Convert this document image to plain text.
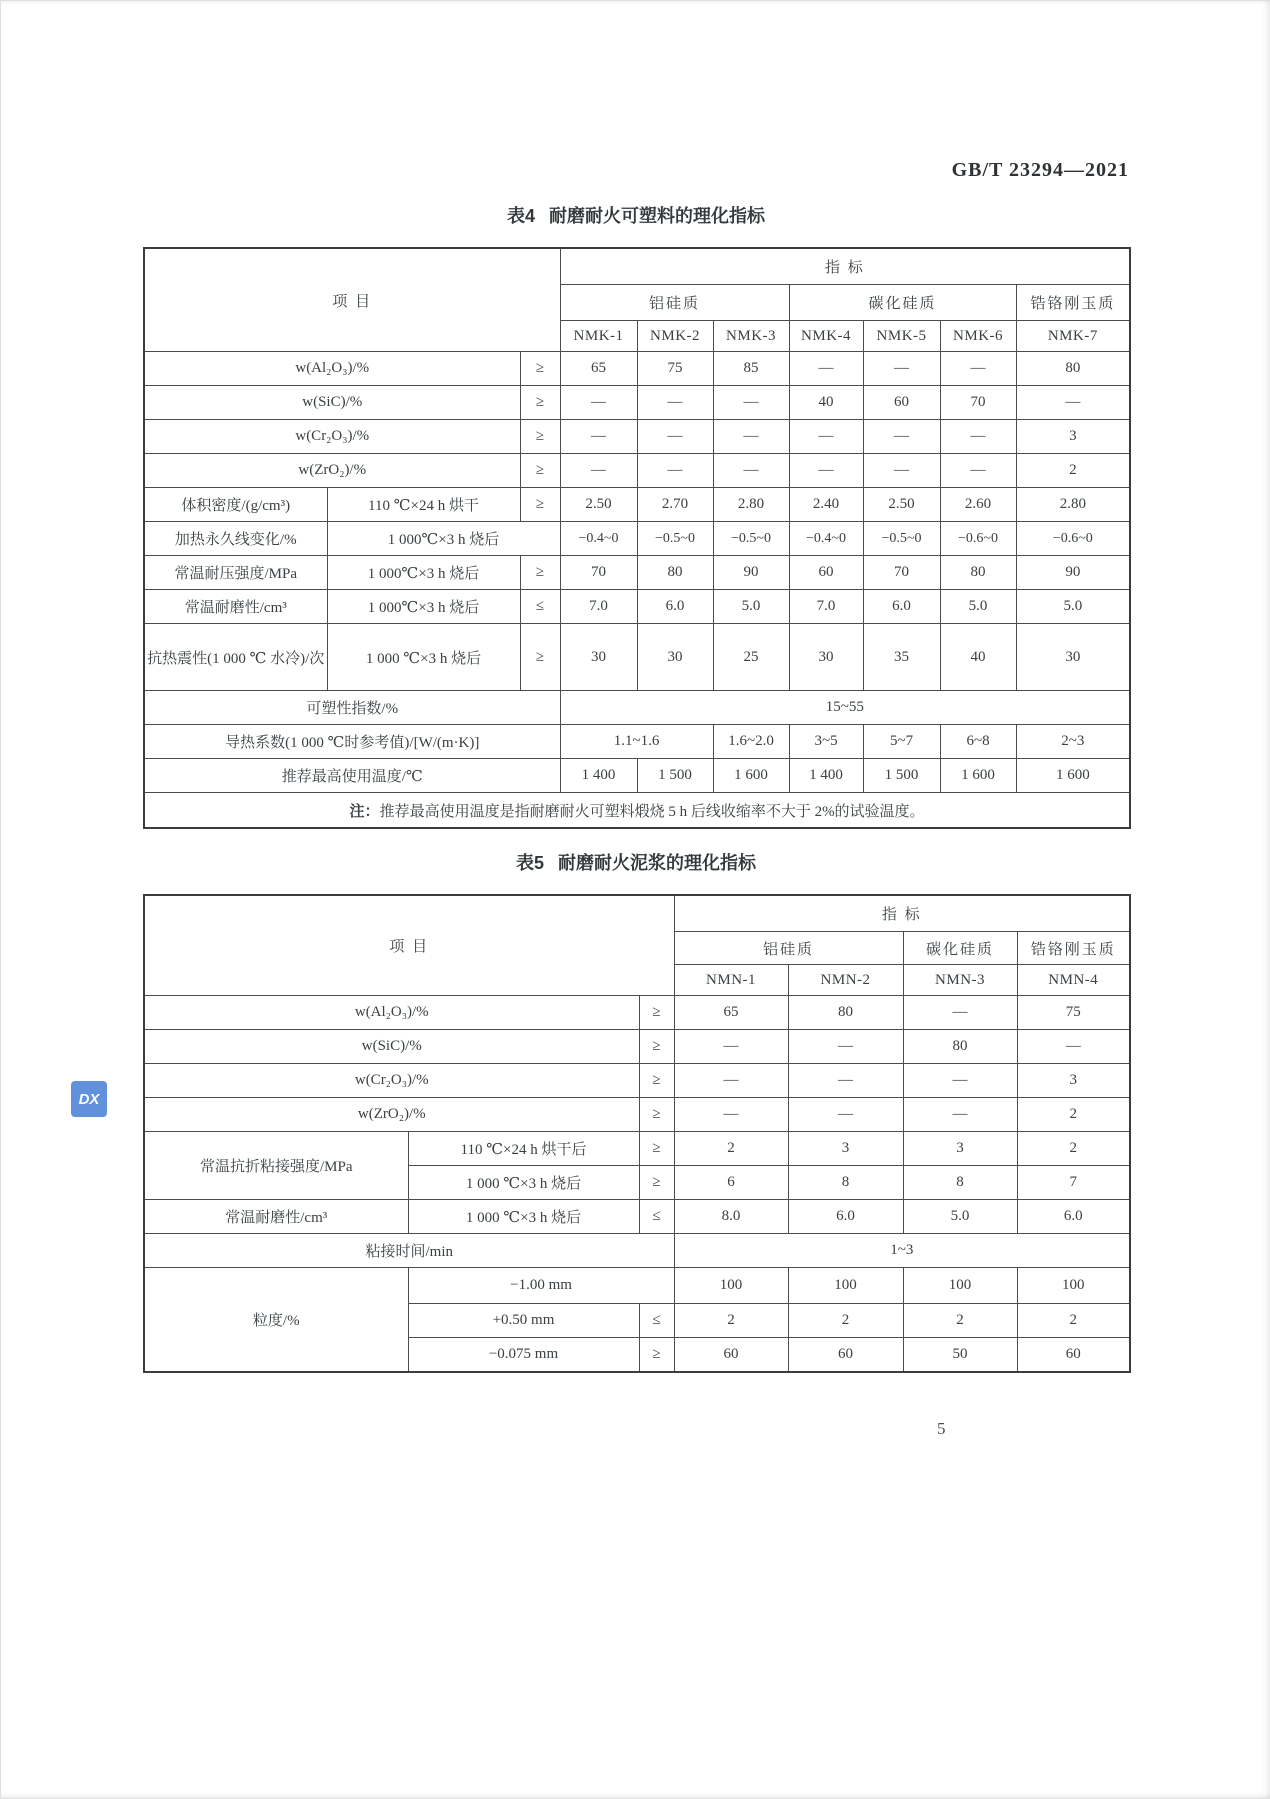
GB/T 23294—2021
表4 耐磨耐火可塑料的理化指标
项 目			指 标						
			铝硅质			碳化硅质			锆铬刚玉质
			NMK-1	NMK-2	NMK-3	NMK-4	NMK-5	NMK-6	NMK-7
w(Al₂O₃)/%		≥	65	75	85	—	—	—	80
w(SiC)/%		≥	—	—	—	40	60	70	—
w(Cr₂O₃)/%		≥	—	—	—	—	—	—	3
w(ZrO₂)/%		≥	—	—	—	—	—	—	2
体积密度/(g/cm³)	110 ℃×24 h 烘干	≥	2.50	2.70	2.80	2.40	2.50	2.60	2.80
加热永久线变化/%	1 000℃×3 h 烧后		−0.4~0	−0.5~0	−0.5~0	−0.4~0	−0.5~0	−0.6~0	−0.6~0
常温耐压强度/MPa	1 000℃×3 h 烧后	≥	70	80	90	60	70	80	90
常温耐磨性/cm³	1 000℃×3 h 烧后	≤	7.0	6.0	5.0	7.0	6.0	5.0	5.0
抗热震性(1 000 ℃ 水冷)/次	1 000 ℃×3 h 烧后	≥	30	30	25	30	35	40	30
可塑性指数/%			15~55						
导热系数(1 000 ℃时参考值)/[W/(m·K)]			1.1~1.6		1.6~2.0	3~5	5~7	6~8	2~3
推荐最高使用温度/℃			1 400	1 500	1 600	1 400	1 500	1 600	1 600
注：推荐最高使用温度是指耐磨耐火可塑料煅烧 5 h 后线收缩率不大于 2%的试验温度。									
表5 耐磨耐火泥浆的理化指标
项 目			指 标			
			铝硅质		碳化硅质	锆铬刚玉质
			NMN-1	NMN-2	NMN-3	NMN-4
w(Al₂O₃)/%		≥	65	80	—	75
w(SiC)/%		≥	—	—	80	—
w(Cr₂O₃)/%		≥	—	—	—	3
w(ZrO₂)/%		≥	—	—	—	2
常温抗折粘接强度/MPa	110 ℃×24 h 烘干后	≥	2	3	3	2
	1 000 ℃×3 h 烧后	≥	6	8	8	7
常温耐磨性/cm³	1 000 ℃×3 h 烧后	≤	8.0	6.0	5.0	6.0
粘接时间/min			1~3			
粒度/%	−1.00 mm		100	100	100	100
	+0.50 mm	≤	2	2	2	2
	−0.075 mm	≥	60	60	50	60
DX
5
